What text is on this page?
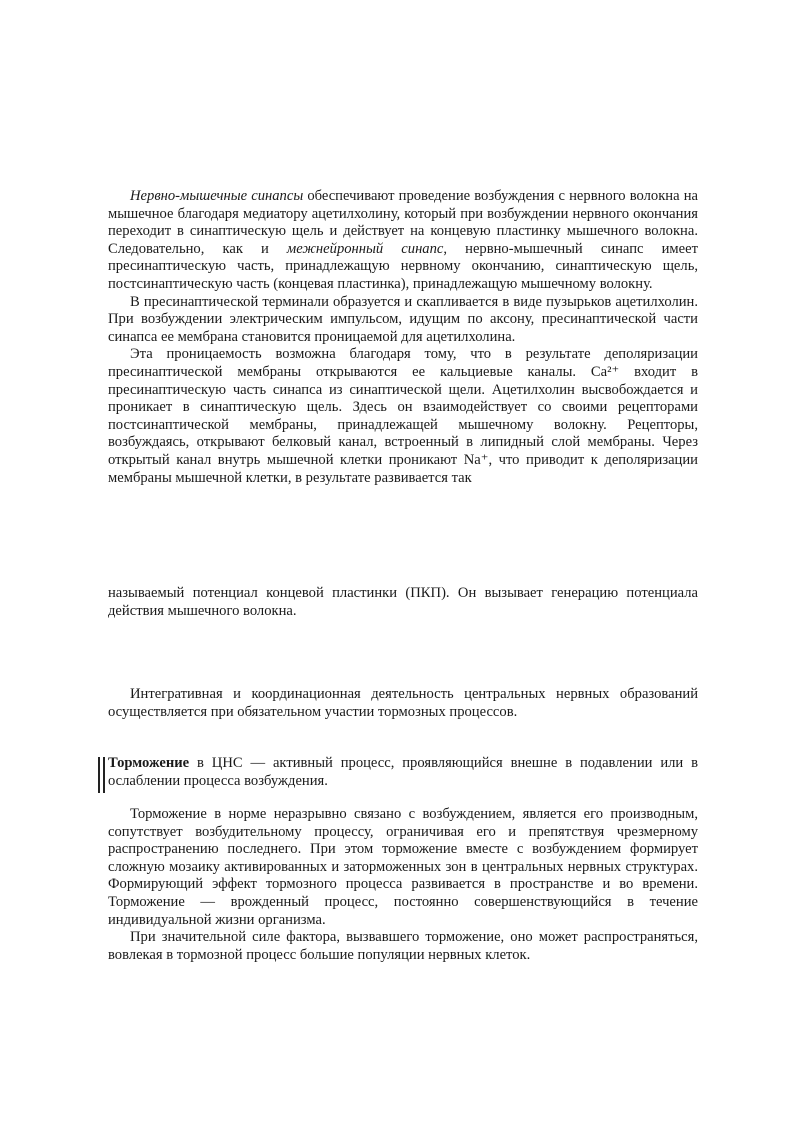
Нервно-мышечные синапсы обеспечивают проведение возбуждения с нервного волокна на мышечное благодаря медиатору ацетилхолину, который при возбуждении нервного окончания переходит в синаптическую щель и действует на концевую пластинку мышечного волокна. Следовательно, как и межнейронный синапс, нервно-мышечный синапс имеет пресинаптическую часть, принадлежащую нервному окончанию, синаптическую щель, постсинаптическую часть (концевая пластинка), принадлежащую мышечному волокну.

В пресинаптической терминали образуется и скапливается в виде пузырьков ацетилхолин. При возбуждении электрическим импульсом, идущим по аксону, пресинаптической части синапса ее мембрана становится проницаемой для ацетилхолина.

Эта проницаемость возможна благодаря тому, что в результате деполяризации пресинаптической мембраны открываются ее кальциевые каналы. Ca²⁺ входит в пресинаптическую часть синапса из синаптической щели. Ацетилхолин высвобождается и проникает в синаптическую щель. Здесь он взаимодействует со своими рецепторами постсинаптической мембраны, принадлежащей мышечному волокну. Рецепторы, возбуждаясь, открывают белковый канал, встроенный в липидный слой мембраны. Через открытый канал внутрь мышечной клетки проникают Na⁺, что приводит к деполяризации мембраны мышечной клетки, в результате развивается так

называемый потенциал концевой пластинки (ПКП). Он вызывает генерацию потенциала действия мышечного волокна.

Интегративная и координационная деятельность центральных нервных образований осуществляется при обязательном участии тормозных процессов.

Торможение в ЦНС — активный процесс, проявляющийся внешне в подавлении или в ослаблении процесса возбуждения.

Торможение в норме неразрывно связано с возбуждением, является его производным, сопутствует возбудительному процессу, ограничивая его и препятствуя чрезмерному распространению последнего. При этом торможение вместе с возбуждением формирует сложную мозаику активированных и заторможенных зон в центральных нервных структурах. Формирующий эффект тормозного процесса развивается в пространстве и во времени. Торможение — врожденный процесс, постоянно совершенствующийся в течение индивидуальной жизни организма.

При значительной силе фактора, вызвавшего торможение, оно может распространяться, вовлекая в тормозной процесс большие популяции нервных клеток.
